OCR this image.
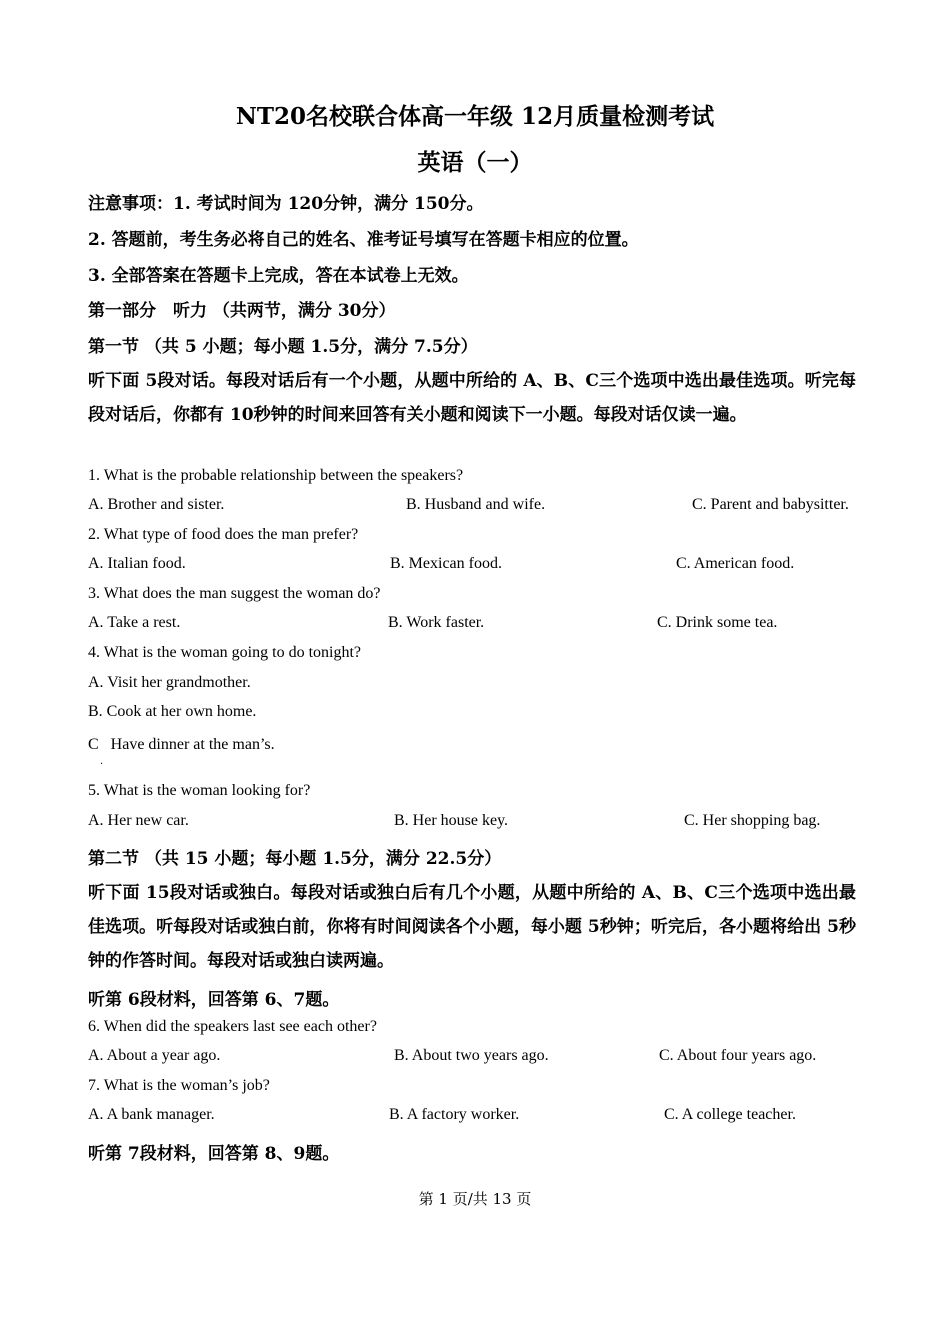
NT20名校联合体高一年级 12月质量检测考试
英语（一）
注意事项：1. 考试时间为 120分钟，满分 150分。
2. 答题前，考生务必将自己的姓名、准考证号填写在答题卡相应的位置。
3. 全部答案在答题卡上完成，答在本试卷上无效。
第一部分　听力 （共两节，满分 30分）
第一节 （共 5 小题；每小题 1.5分，满分 7.5分）
听下面 5段对话。每段对话后有一个小题，从题中所给的 A、B、C三个选项中选出最佳选项。听完每段对话后，你都有 10秒钟的时间来回答有关小题和阅读下一小题。每段对话仅读一遍。
1. What is the probable relationship between the speakers?
A. Brother and sister.	B. Husband and wife.	C. Parent and babysitter.
2. What type of food does the man prefer?
A. Italian food.	B. Mexican food.	C. American food.
3. What does the man suggest the woman do?
A. Take a rest.	B. Work faster.	C. Drink some tea.
4. What is the woman going to do tonight?
A. Visit her grandmother.
B. Cook at her own home.
C   Have dinner at the man’s.
.
5. What is the woman looking for?
A. Her new car.	B. Her house key.	C. Her shopping bag.
第二节 （共 15 小题；每小题 1.5分，满分 22.5分）
听下面 15段对话或独白。每段对话或独白后有几个小题，从题中所给的 A、B、C三个选项中选出最佳选项。听每段对话或独白前，你将有时间阅读各个小题，每小题 5秒钟；听完后，各小题将给出 5秒钟的作答时间。每段对话或独白读两遍。
听第 6段材料，回答第 6、7题。
6. When did the speakers last see each other?
A. About a year ago.	B. About two years ago.	C. About four years ago.
7. What is the woman’s job?
A. A bank manager.	B. A factory worker.	C. A college teacher.
听第 7段材料，回答第 8、9题。
第 1 页/共 13 页
